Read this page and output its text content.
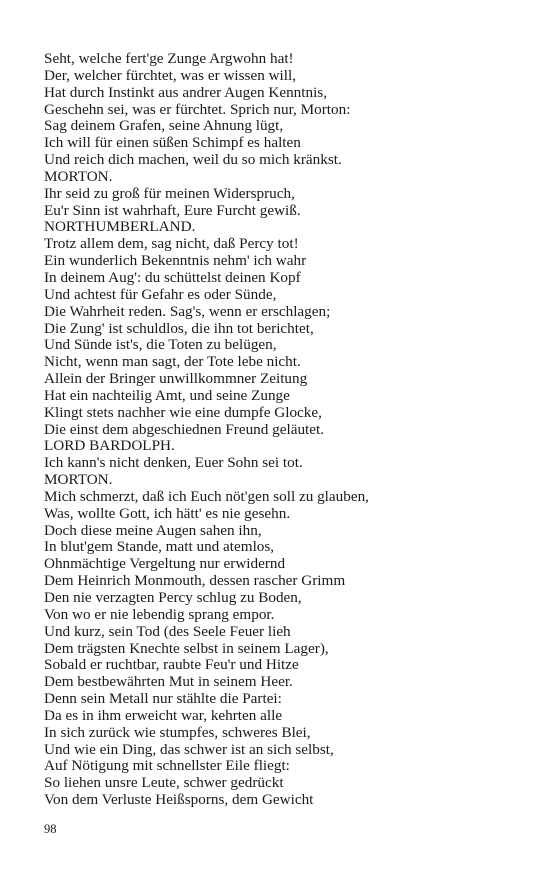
Seht, welche fert'ge Zunge Argwohn hat!

Der, welcher fürchtet, was er wissen will,

Hat durch Instinkt aus andrer Augen Kenntnis,

Geschehn sei, was er fürchtet. Sprich nur, Morton:

Sag deinem Grafen, seine Ahnung lügt,

Ich will für einen süßen Schimpf es halten

Und reich dich machen, weil du so mich kränkst.

MORTON.

Ihr seid zu groß für meinen Widerspruch,

Eu'r Sinn ist wahrhaft, Eure Furcht gewiß.

NORTHUMBERLAND.

Trotz allem dem, sag nicht, daß Percy tot!

Ein wunderlich Bekenntnis nehm' ich wahr

In deinem Aug': du schüttelst deinen Kopf

Und achtest für Gefahr es oder Sünde,

Die Wahrheit reden. Sag's, wenn er erschlagen;

Die Zung' ist schuldlos, die ihn tot berichtet,

Und Sünde ist's, die Toten zu belügen,

Nicht, wenn man sagt, der Tote lebe nicht.

Allein der Bringer unwillkommner Zeitung

Hat ein nachteilig Amt, und seine Zunge

Klingt stets nachher wie eine dumpfe Glocke,

Die einst dem abgeschiednen Freund geläutet.

LORD BARDOLPH.

Ich kann's nicht denken, Euer Sohn sei tot.

MORTON.

Mich schmerzt, daß ich Euch nöt'gen soll zu glauben,

Was, wollte Gott, ich hätt' es nie gesehn.

Doch diese meine Augen sahen ihn,

In blut'gem Stande, matt und atemlos,

Ohnmächtige Vergeltung nur erwidernd

Dem Heinrich Monmouth, dessen rascher Grimm

Den nie verzagten Percy schlug zu Boden,

Von wo er nie lebendig sprang empor.

Und kurz, sein Tod (des Seele Feuer lieh

Dem trägsten Knechte selbst in seinem Lager),

Sobald er ruchtbar, raubte Feu'r und Hitze

Dem bestbewährten Mut in seinem Heer.

Denn sein Metall nur stählte die Partei:

Da es in ihm erweicht war, kehrten alle

In sich zurück wie stumpfes, schweres Blei,

Und wie ein Ding, das schwer ist an sich selbst,

Auf Nötigung mit schnellster Eile fliegt:

So liehen unsre Leute, schwer gedrückt

Von dem Verluste Heißsporns, dem Gewicht

98
